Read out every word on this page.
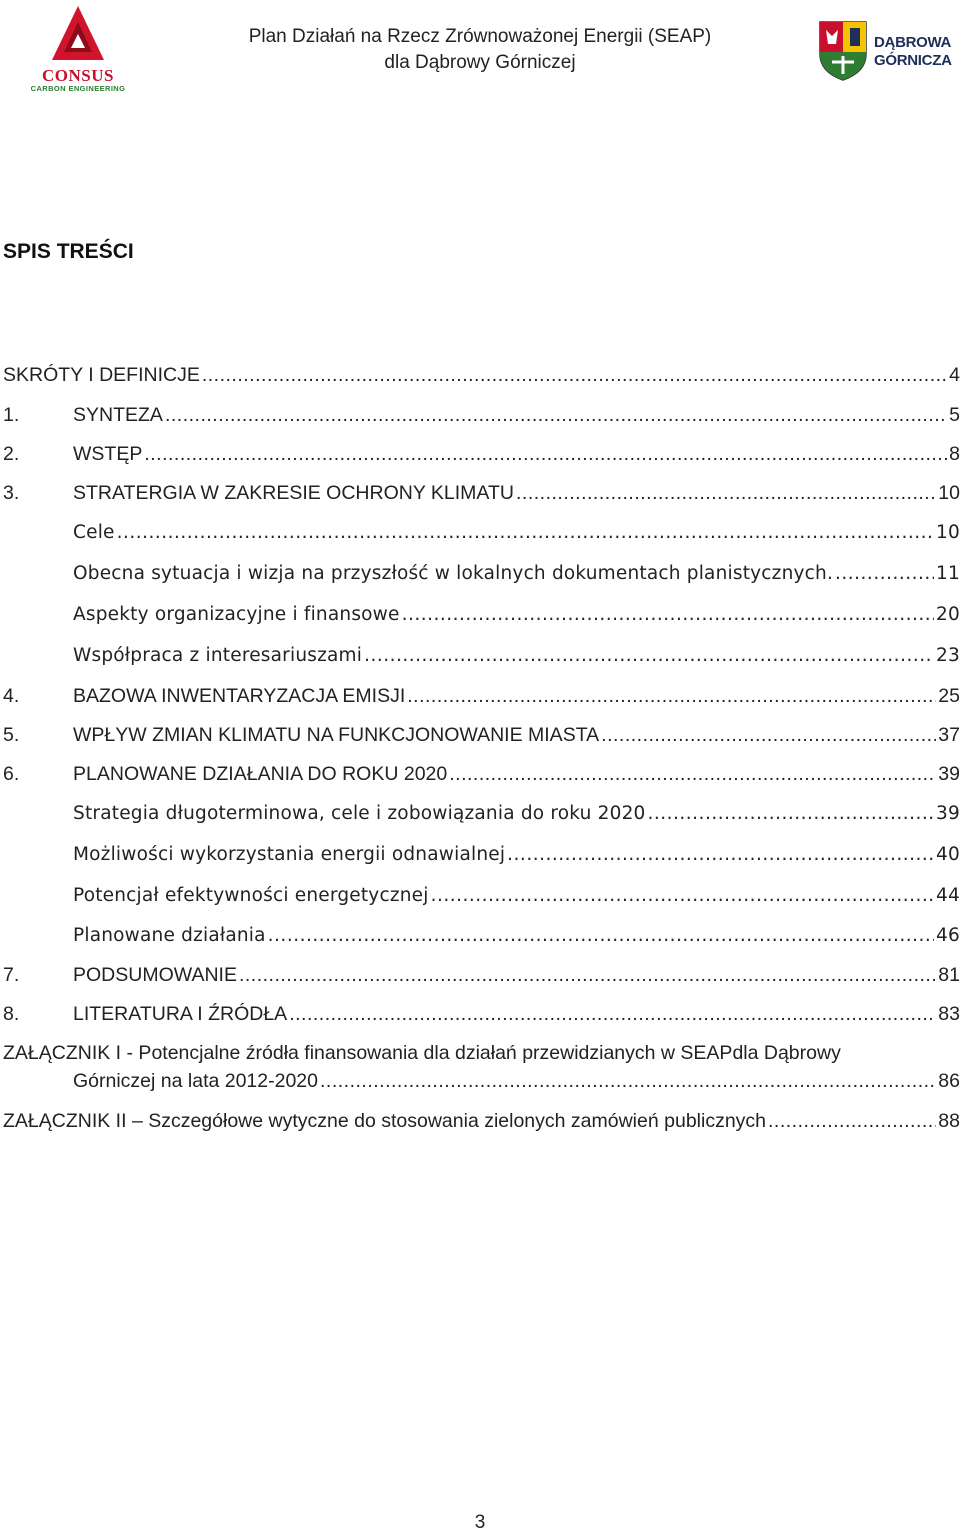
CONSUS
CARBON ENGINEERING
Plan Działań na Rzecz Zrównoważonej Energii (SEAP)
dla Dąbrowy Górniczej
DĄBROWA
GÓRNICZA
SPIS TREŚCI
SKRÓTY I DEFINICJE .....	4
1.	SYNTEZA .....	5
2.	WSTĘP .....	8
3.	STRATERGIA W ZAKRESIE OCHRONY KLIMATU .....	10
Cele .....	10
Obecna sytuacja i wizja na przyszłość w lokalnych dokumentach planistycznych. .....	11
Aspekty organizacyjne i finansowe .....	20
Współpraca z interesariuszami .....	23
4.	BAZOWA INWENTARYZACJA EMISJI .....	25
5.	WPŁYW ZMIAN KLIMATU NA FUNKCJONOWANIE MIASTA .....	37
6.	PLANOWANE DZIAŁANIA DO ROKU 2020 .....	39
Strategia długoterminowa, cele i zobowiązania do roku 2020 .....	39
Możliwości wykorzystania energii odnawialnej .....	40
Potencjał efektywności energetycznej .....	44
Planowane działania .....	46
7.	PODSUMOWANIE .....	81
8.	LITERATURA I ŹRÓDŁA .....	83
ZAŁĄCZNIK I - Potencjalne źródła finansowania dla działań przewidzianych w SEAPdla Dąbrowy
Górniczej na lata 2012-2020 .....	86
ZAŁĄCZNIK II – Szczegółowe wytyczne do stosowania zielonych zamówień publicznych .....	88
3
